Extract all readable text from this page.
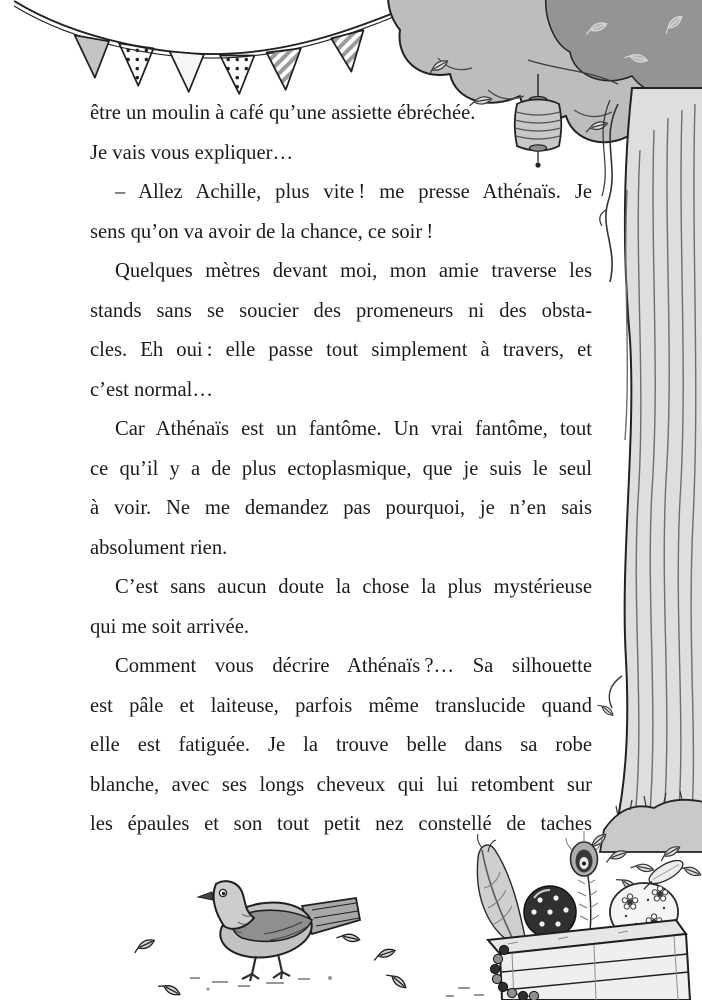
être un moulin à café qu’une assiette ébréchée.
Je vais vous expliquer…
– Allez Achille, plus vite ! me presse Athénaïs. Je
sens qu’on va avoir de la chance, ce soir !
Quelques mètres devant moi, mon amie traverse les
stands sans se soucier des promeneurs ni des obsta-
cles. Eh oui : elle passe tout simplement à travers, et
c’est normal…
Car Athénaïs est un fantôme. Un vrai fantôme, tout
ce qu’il y a de plus ectoplasmique, que je suis le seul
à voir. Ne me demandez pas pourquoi, je n’en sais
absolument rien.
C’est sans aucun doute la chose la plus mystérieuse
qui me soit arrivée.
Comment vous décrire Athénaïs ?… Sa silhouette
est pâle et laiteuse, parfois même translucide quand
elle est fatiguée. Je la trouve belle dans sa robe
blanche, avec ses longs cheveux qui lui retombent sur
les épaules et son tout petit nez constellé de taches
